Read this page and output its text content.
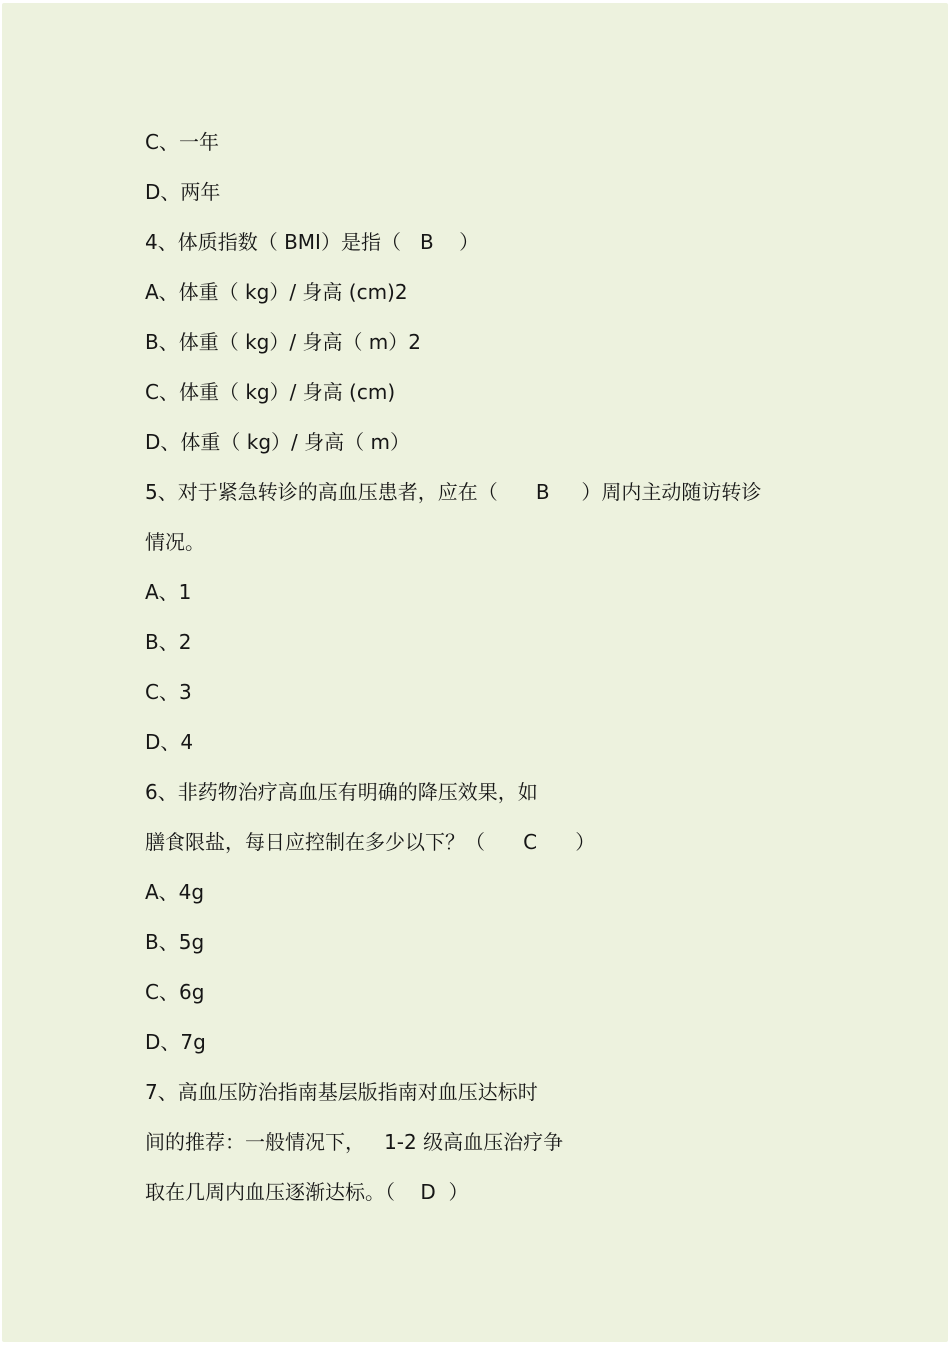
C、一年
D、两年
4、体质指数（ BMI）是指（   B    ）
A、体重（ kg）/ 身高 (cm)2
B、体重（ kg）/ 身高（ m）2
C、体重（ kg）/ 身高 (cm)
D、体重（ kg）/ 身高（ m）
5、对于紧急转诊的高血压患者，应在（      B     ）周内主动随访转诊
情况。
A、1
B、2
C、3
D、4
6、非药物治疗高血压有明确的降压效果，如
膳食限盐，每日应控制在多少以下？（      C      ）
A、4g
B、5g
C、6g
D、7g
7、高血压防治指南基层版指南对血压达标时
间的推荐：一般情况下，   1-2 级高血压治疗争
取在几周内血压逐渐达标。（    D  ）
